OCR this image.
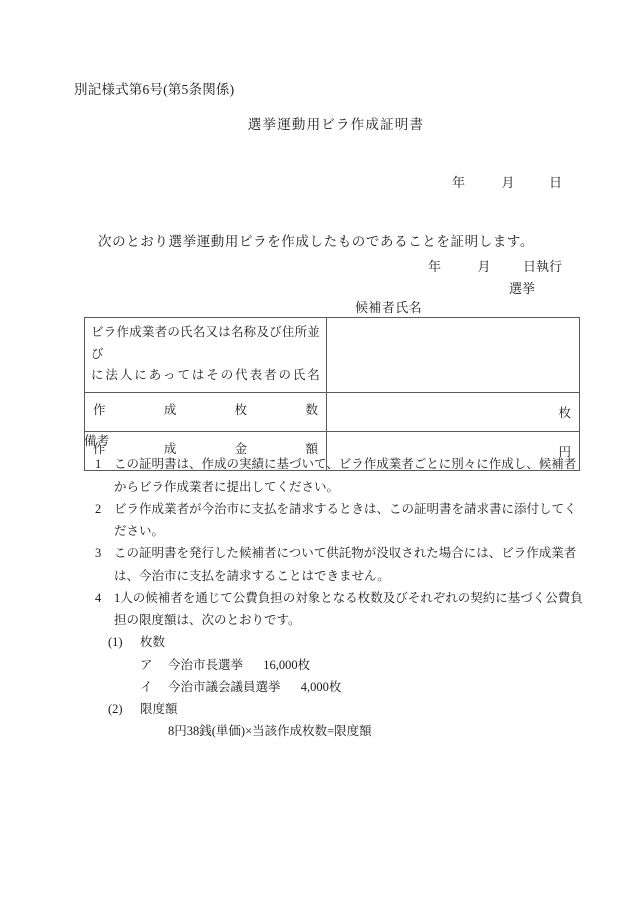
別記様式第6号(第5条関係)
選挙運動用ビラ作成証明書
年	月	日
次のとおり選挙運動用ビラを作成したものであることを証明します。
年	月	日執行
選挙
候補者氏名
ビラ作成業者の氏名又は名称及び住所並び
に法人にあってはその代表者の氏名	

作成枚数	枚

作成金額	円
備考
1 この証明書は、作成の実績に基づいて、ビラ作成業者ごとに別々に作成し、候補者からビラ作成業者に提出してください。
2 ビラ作成業者が今治市に支払を請求するときは、この証明書を請求書に添付してください。
3 この証明書を発行した候補者について供託物が没収された場合には、ビラ作成業者は、今治市に支払を請求することはできません。
4 1人の候補者を通じて公費負担の対象となる枚数及びそれぞれの契約に基づく公費負担の限度額は、次のとおりです。
(1) 枚数
ア 今治市長選挙 16,000枚
イ 今治市議会議員選挙 4,000枚
(2) 限度額
8円38銭(単価)×当該作成枚数=限度額
